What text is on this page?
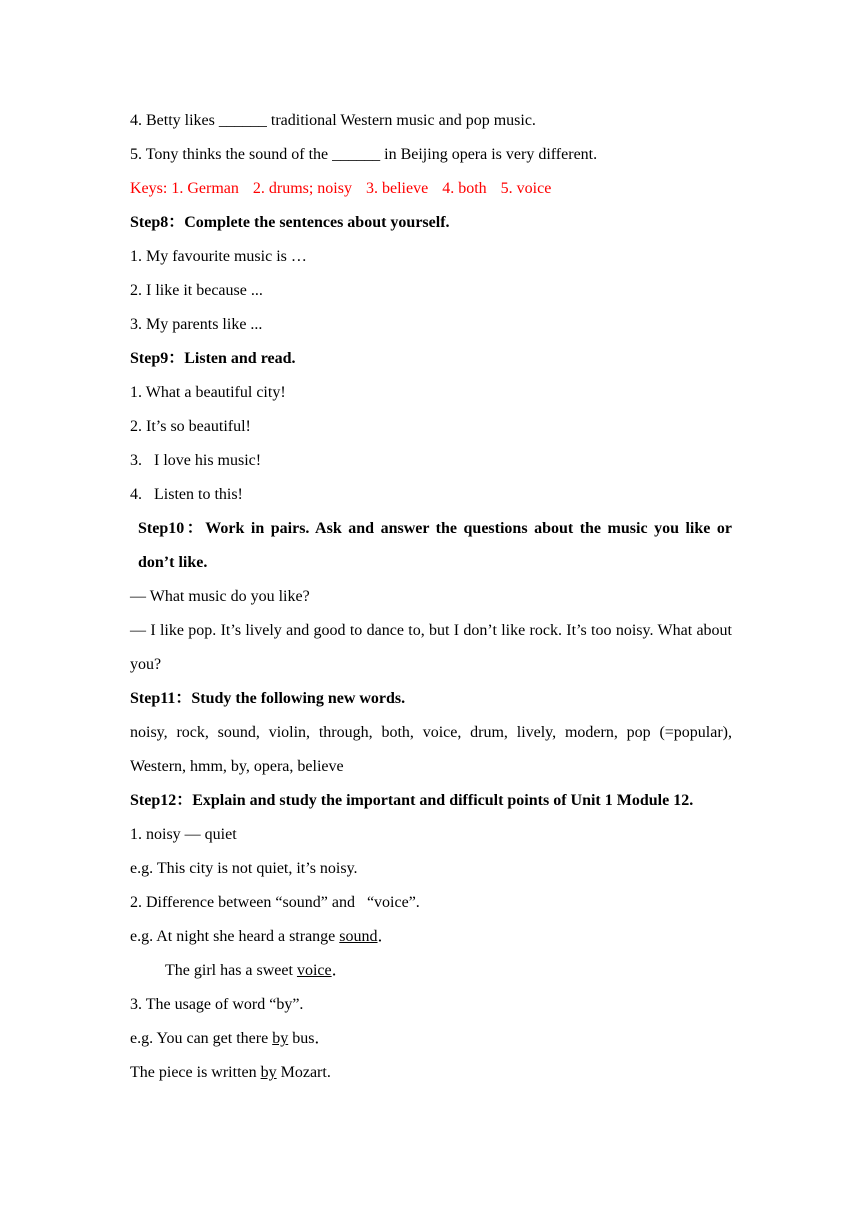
4. Betty likes ______ traditional Western music and pop music.
5. Tony thinks the sound of the ______ in Beijing opera is very different.
Keys: 1. German 2. drums; noisy 3. believe 4. both 5. voice
Step8：Complete the sentences about yourself.
1. My favourite music is …
2. I like it because ...
3. My parents like ...
Step9：Listen and read.
1. What a beautiful city!
2. It’s so beautiful!
3.   I love his music!
4.   Listen to this!
Step10：Work in pairs. Ask and answer the questions about the music you like or don’t like.
— What music do you like?
— I like pop. It’s lively and good to dance to, but I don’t like rock. It’s too noisy. What about you?
Step11：Study the following new words.
noisy, rock, sound, violin, through, both, voice, drum, lively, modern, pop (=popular), Western, hmm, by, opera, believe
Step12：Explain and study the important and difficult points of Unit 1 Module 12.
1. noisy — quiet
e.g. This city is not quiet, it’s noisy.
2. Difference between “sound” and   “voice”.
e.g. At night she heard a strange sound．
The girl has a sweet voice．
3. The usage of word “by”.
e.g. You can get there by bus．
The piece is written by Mozart.
